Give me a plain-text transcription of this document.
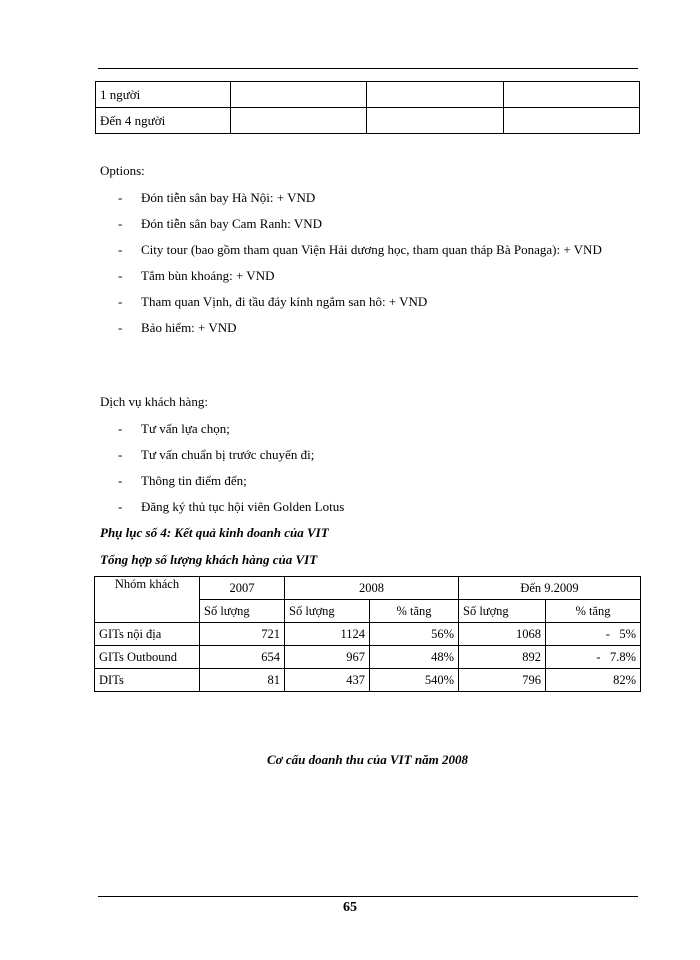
1 người			
Đến 4 người			
Options:
- Đón tiễn sân bay Hà Nội: + VND
- Đón tiễn sân bay Cam Ranh: VND
- City tour (bao gồm tham quan Viện Hải dương học, tham quan tháp Bà Ponaga): + VND
- Tắm bùn khoáng: + VND
- Tham quan Vịnh, đi tầu đáy kính ngắm san hô: + VND
- Bảo hiểm: + VND
Dịch vụ khách hàng:
- Tư vấn lựa chọn;
- Tư vấn chuẩn bị trước chuyến đi;
- Thông tin điểm đến;
- Đăng ký thủ tục hội viên Golden Lotus
Phụ lục số 4: Kết quả kinh doanh của VIT
Tổng hợp số lượng khách hàng của VIT
Nhóm khách	2007	2008		Đến 9.2009	
	Số lượng	Số lượng	% tăng	Số lượng	% tăng
GITs nội địa	721	1124	56%	1068	-   5%
GITs Outbound	654	967	48%	892	-   7.8%
DITs	81	437	540%	796	82%
Cơ cấu doanh thu của VIT năm 2008
65
